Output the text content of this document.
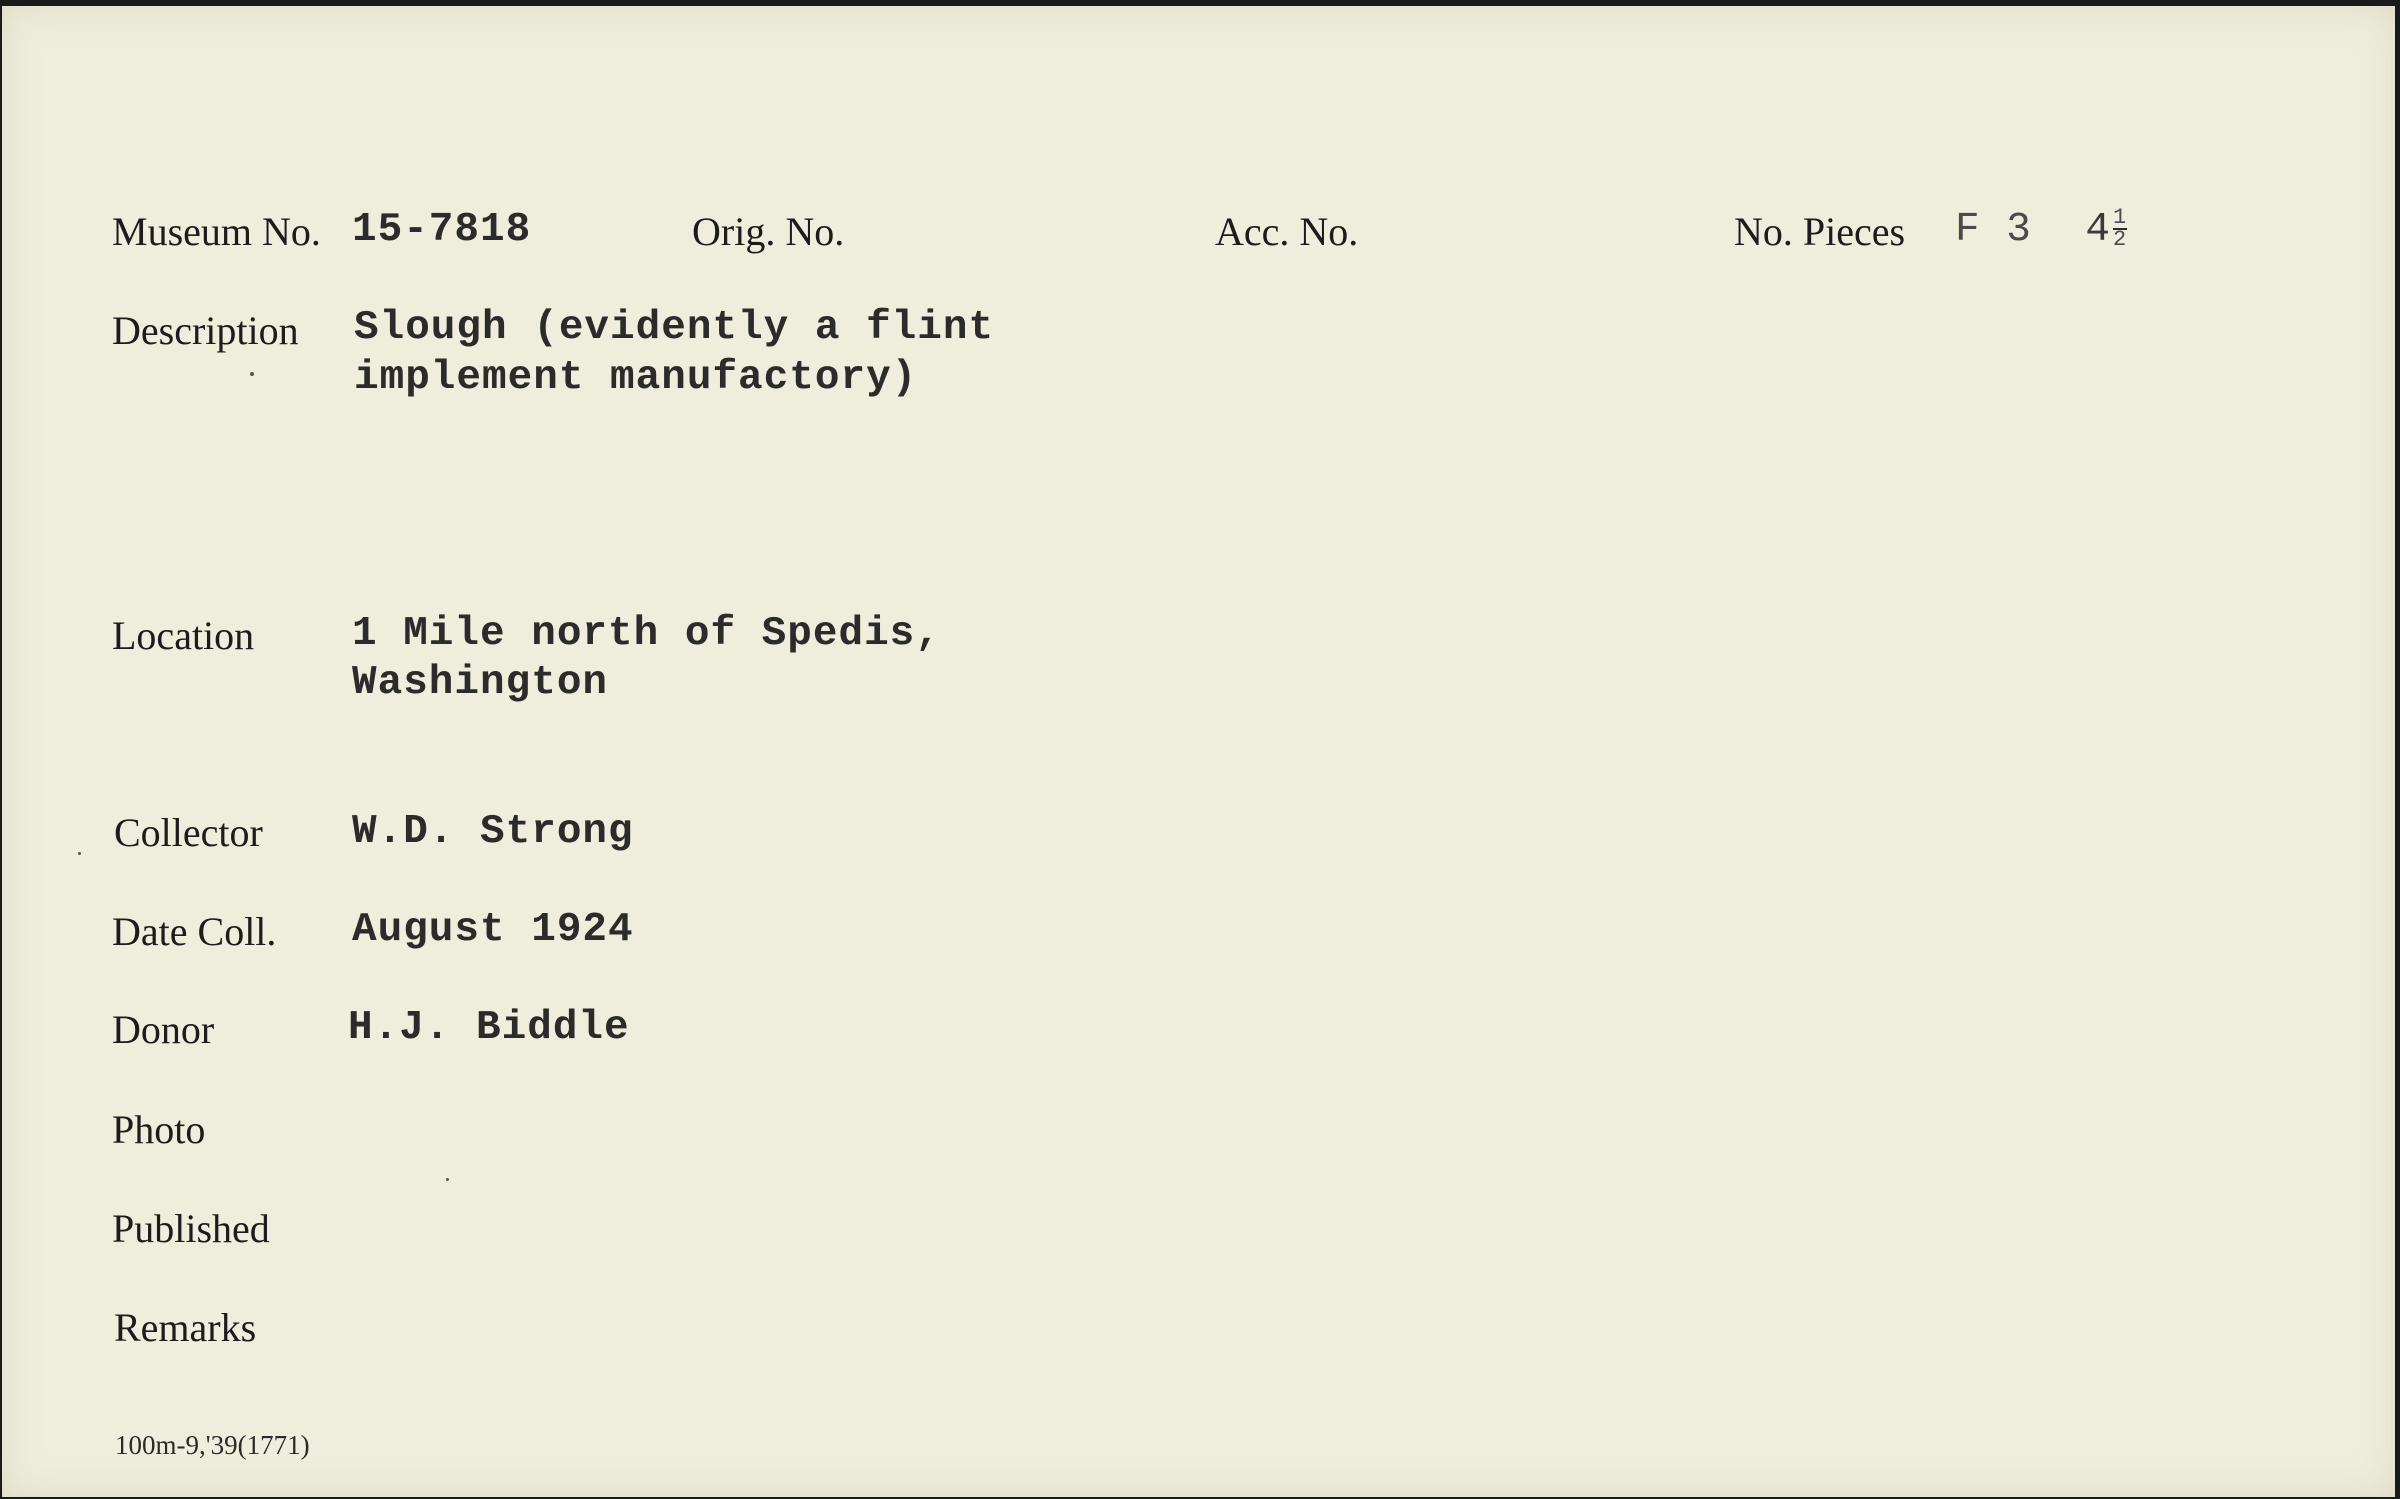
Museum No. 15-7818	Orig. No.	Acc. No.	No. Pieces F 3 $4 \frac{1}{2}$
Description Slough (evidently a flint
implement manufactory)
Location 1 Mile north of Spedis,
Washington
Collector W.D. Strong
Date Coll. August 1924
Donor	H.J. Biddle
Photo
Published
Remarks
100m-9,'39(1771)
